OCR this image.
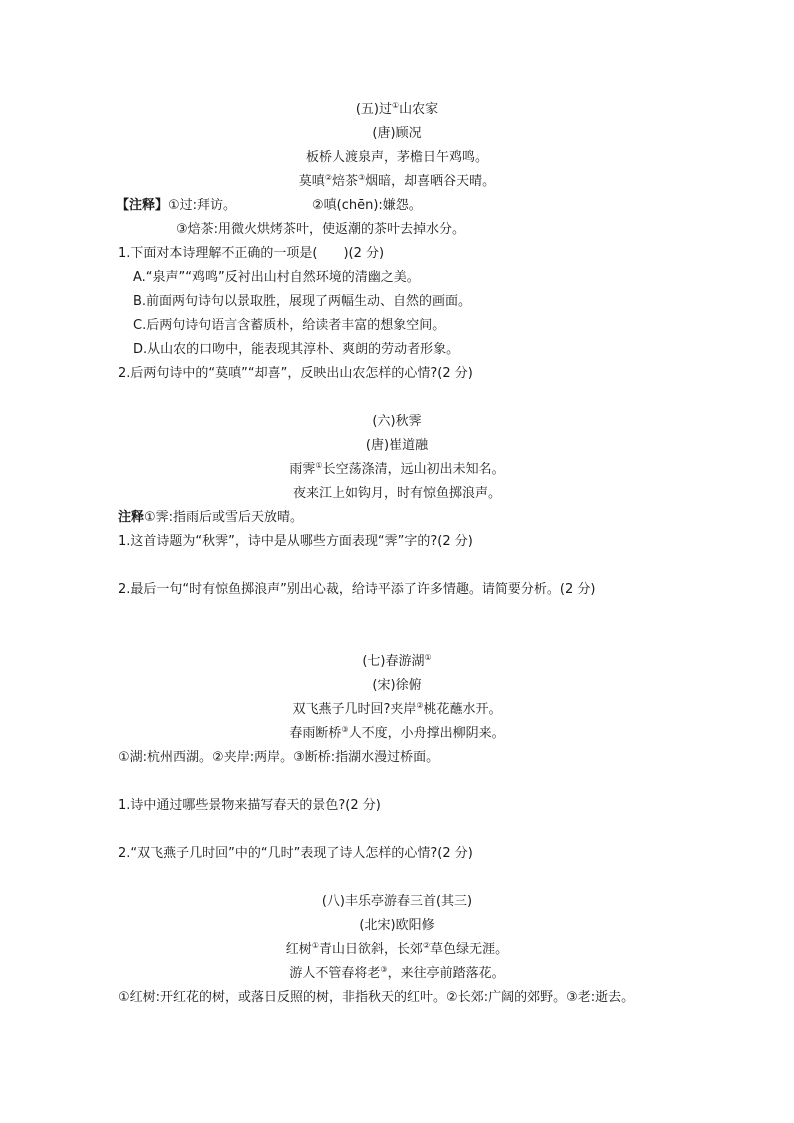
(五)过①山农家
(唐)顾况
板桥人渡泉声，茅檐日午鸡鸣。
莫嗔②焙茶③烟暗，却喜晒谷天晴。
【注释】①过:拜访。	②嗔(chēn):嫌怨。
③焙茶:用微火烘烤茶叶，使返潮的茶叶去掉水分。
1.下面对本诗理解不正确的一项是(　　)(2 分)
A.“泉声”“鸡鸣”反衬出山村自然环境的清幽之美。
B.前面两句诗句以景取胜，展现了两幅生动、自然的画面。
C.后两句诗句语言含蓄质朴，给读者丰富的想象空间。
D.从山农的口吻中，能表现其淳朴、爽朗的劳动者形象。
2.后两句诗中的“莫嗔”“却喜”，反映出山农怎样的心情?(2 分)
(六)秋霁
(唐)崔道融
雨霁①长空荡涤清，远山初出未知名。
夜来江上如钩月，时有惊鱼掷浪声。
注释①霁:指雨后或雪后天放晴。
1.这首诗题为“秋霁”，诗中是从哪些方面表现“霁”字的?(2 分)
2.最后一句“时有惊鱼掷浪声”别出心裁，给诗平添了许多情趣。请简要分析。(2 分)
(七)春游湖①
(宋)徐俯
双飞燕子几时回?夹岸②桃花蘸水开。
春雨断桥③人不度，小舟撑出柳阴来。
①湖:杭州西湖。②夹岸:两岸。③断桥:指湖水漫过桥面。
1.诗中通过哪些景物来描写春天的景色?(2 分)
2.“双飞燕子几时回”中的“几时”表现了诗人怎样的心情?(2 分)
(八)丰乐亭游春三首(其三)
(北宋)欧阳修
红树①青山日欲斜，长郊②草色绿无涯。
游人不管春将老③，来往亭前踏落花。
①红树:开红花的树，或落日反照的树，非指秋天的红叶。②长郊:广阔的郊野。③老:逝去。
